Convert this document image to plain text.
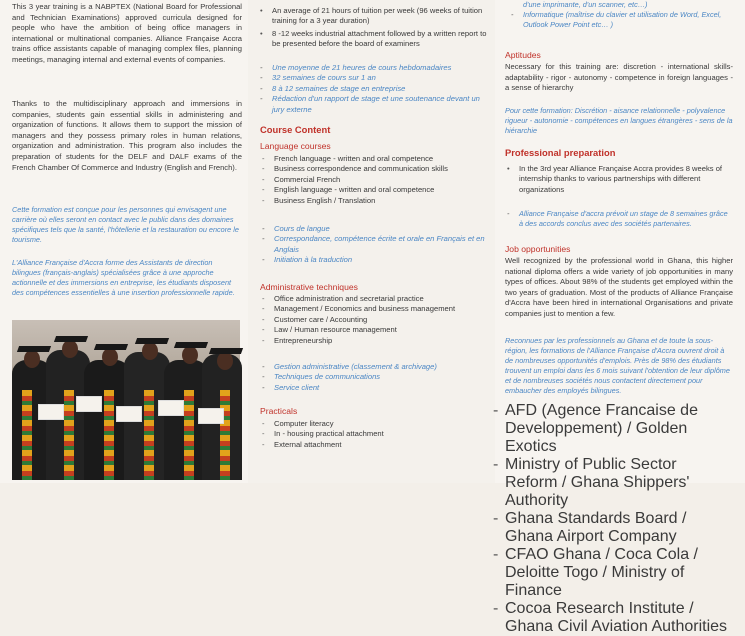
This 3 year training is a NABPTEX (National Board for Professional and Technician Examinations) approved curricula designed for people who have the ambition of being office managers in international or multinational companies. Alliance Française Accra trains office assistants capable of managing complex files, planning meetings, managing internal and external events of companies.

Thanks to the multidisciplinary approach and immersions in companies, students gain essential skills in administering and organization of functions. It allows them to support the mission of managers and they possess primary roles in human relations, organization and administration. This program also includes the preparation of students for the DELF and DALF exams of the French Chamber Of Commerce and Industry (English and French).

Cette formation est conçue pour les personnes qui envisagent une carrière où elles seront en contact avec le public dans des domaines spécifiques tels que la santé, l'hôtellerie et la restauration ou encore le tourisme.

L'Alliance Française d'Accra forme des Assistants de direction bilingues (français-anglais) spécialisées grâce à une approche actionnelle et des immersions en entreprise, les étudiants disposent des compétences essentielles à une insertion professionnelle rapide.

• An average of 21 hours of tuition per week (96 weeks of tuition training for a 3 year duration)
• 8 -12 weeks industrial attachment followed by a written report to be presented before the board of examiners
- Une moyenne de 21 heures de cours hebdomadaires
- 32 semaines de cours sur 1 an
- 8 à 12 semaines de stage en entreprise
- Rédaction d'un rapport de stage et une soutenance devant un jury externe
Course Content
Language courses
- French language - written and oral competence
- Business correspondence and communication skills
- Commercial French
- English language - written and oral competence
- Business English / Translation
- Cours de langue
- Correspondance, compétence écrite et orale en Français et en Anglais
- Initiation à la traduction
Administrative techniques
- Office administration and secretarial practice
- Management / Economics and business management
- Customer care / Accounting
- Law / Human resource management
- Entrepreneurship
- Gestion administrative (classement & archivage)
- Techniques de communications
- Service client
Practicals
- Computer literacy
- In - housing practical attachment
- External attachment
d'une imprimante, d'un scanner, etc…)
- Informatique (maîtrise du clavier et utilisation de Word, Excel, Outlook Power Point etc… )
Aptitudes

Necessary for this training are: discretion - international skills- adaptability - rigor - autonomy - competence in foreign languages - a sense of hierarchy

Pour cette formation: Discrétion - aisance relationnelle - polyvalence rigueur - autonomie - compétences en langues étrangères - sens de la hiérarchie

Professional preparation
• In the 3rd year Alliance Française Accra provides 8 weeks of internship thanks to various partnerships with different organizations
- Alliance Française d'accra prévoit un stage de 8 semaines grâce à des accords conclus avec des sociétés partenaires.
Job opportunities

Well recognized by the professional world in Ghana, this higher national diploma offers a wide variety of job opportunities in many types of offices. About 98% of the students get employed within the two years of graduation. Most of the products of Alliance Française d'Accra have been hired in international Organisations and private companies just to mention a few.

Reconnues par les professionnels au Ghana et de toute la sous-région, les formations de l'Alliance Française d'Accra ouvrent droit à de nombreuses opportunités d'emplois. Près de 98% des étudiants trouvent un emploi dans les 6 mois suivant l'obtention de leur diplôme et de nombreuses sociétés nous contactent directement pour embaucher des employés bilingues.

- AFD (Agence Francaise de Developpement) / Golden Exotics
- Ministry of Public Sector Reform / Ghana Shippers' Authority
- Ghana Standards Board / Ghana Airport Company
- CFAO Ghana / Coca Cola / Deloitte Togo / Ministry of Finance
- Cocoa Research Institute / Ghana Civil Aviation Authorities
